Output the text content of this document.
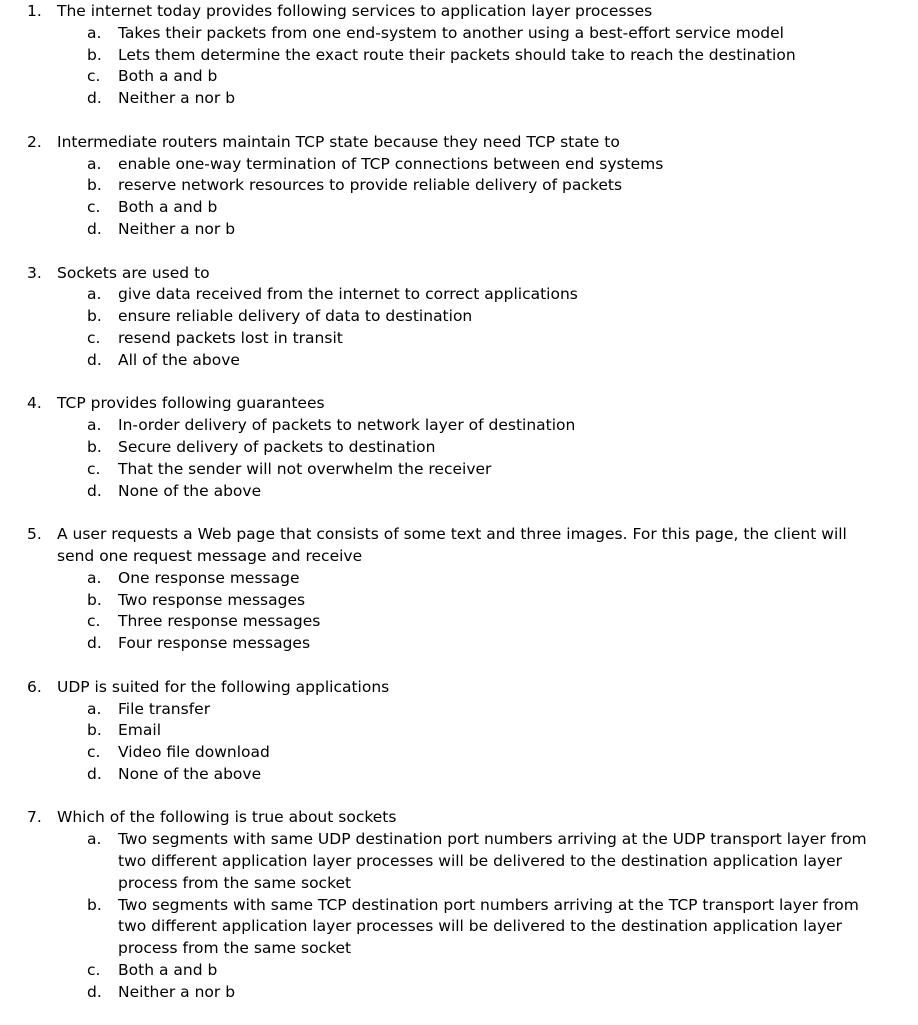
1. The internet today provides following services to application layer processes
a. Takes their packets from one end-system to another using a best-effort service model
b. Lets them determine the exact route their packets should take to reach the destination
c. Both a and b
d. Neither a nor b
2. Intermediate routers maintain TCP state because they need TCP state to
a. enable one-way termination of TCP connections between end systems
b. reserve network resources to provide reliable delivery of packets
c. Both a and b
d. Neither a nor b
3. Sockets are used to
a. give data received from the internet to correct applications
b. ensure reliable delivery of data to destination
c. resend packets lost in transit
d. All of the above
4. TCP provides following guarantees
a. In-order delivery of packets to network layer of destination
b. Secure delivery of packets to destination
c. That the sender will not overwhelm the receiver
d. None of the above
5. A user requests a Web page that consists of some text and three images. For this page, the client will send one request message and receive
a. One response message
b. Two response messages
c. Three response messages
d. Four response messages
6. UDP is suited for the following applications
a. File transfer
b. Email
c. Video file download
d. None of the above
7. Which of the following is true about sockets
a. Two segments with same UDP destination port numbers arriving at the UDP transport layer from two different application layer processes will be delivered to the destination application layer process from the same socket
b. Two segments with same TCP destination port numbers arriving at the TCP transport layer from two different application layer processes will be delivered to the destination application layer process from the same socket
c. Both a and b
d. Neither a nor b
